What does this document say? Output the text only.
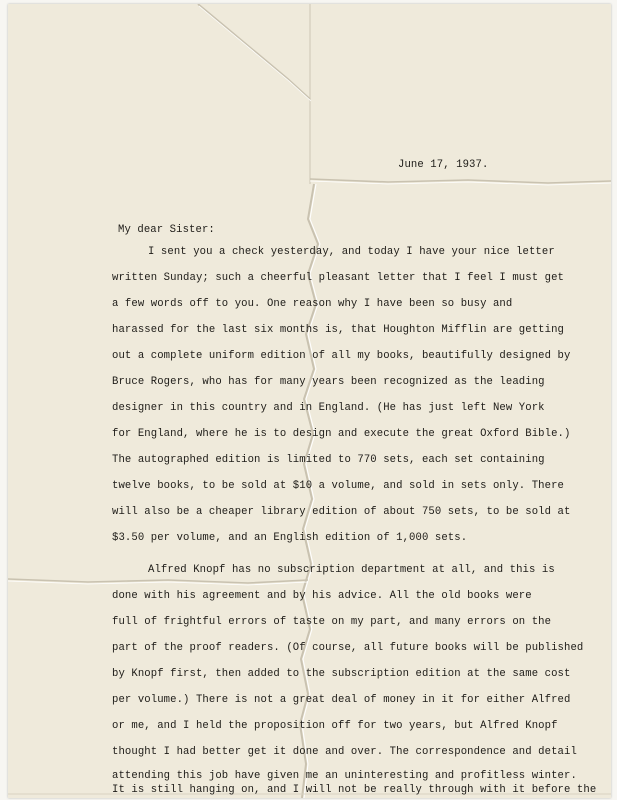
June 17, 1937.
My dear Sister:
I sent you a check yesterday, and today I have your nice letter
written Sunday; such a cheerful pleasant letter that I feel I must get
a few words off to you. One reason why I have been so busy and
harassed for the last six months is, that Houghton Mifflin are getting
out a complete uniform edition of all my books, beautifully designed by
Bruce Rogers, who has for many years been recognized as the leading
designer in this country and in England. (He has just left New York
for England, where he is to design and execute the great Oxford Bible.)
The autographed edition is limited to 770 sets, each set containing
twelve books, to be sold at $10 a volume, and sold in sets only. There
will also be a cheaper library edition of about 750 sets, to be sold at
$3.50 per volume, and an English edition of 1,000 sets.
Alfred Knopf has no subscription department at all, and this is
done with his agreement and by his advice. All the old books were
full of frightful errors of taste on my part, and many errors on the
part of the proof readers. (Of course, all future books will be published
by Knopf first, then added to the subscription edition at the same cost
per volume.) There is not a great deal of money in it for either Alfred
or me, and I held the proposition off for two years, but Alfred Knopf
thought I had better get it done and over. The correspondence and detail
attending this job have given me an uninteresting and profitless winter.
It is still hanging on, and I will not be really through with it before the
